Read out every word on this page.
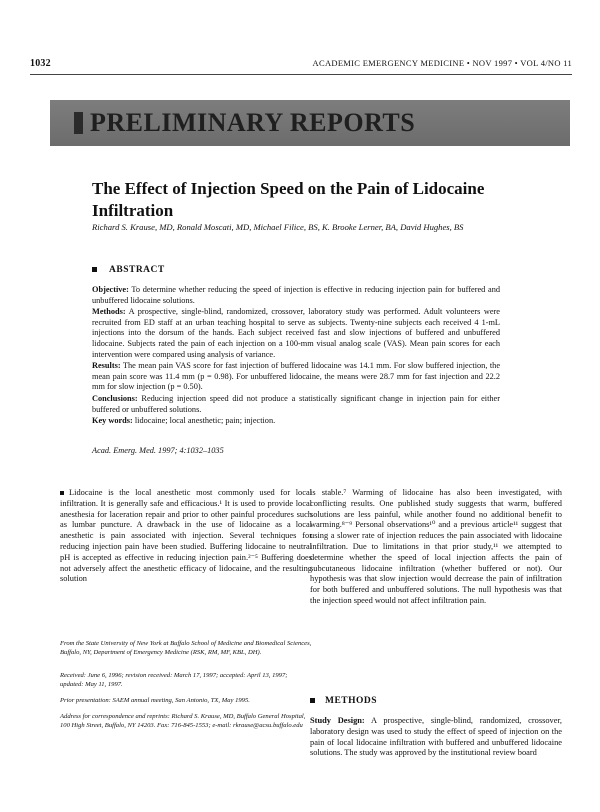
1032	ACADEMIC EMERGENCY MEDICINE • NOV 1997 • VOL 4/NO 11
PRELIMINARY REPORTS
The Effect of Injection Speed on the Pain of Lidocaine Infiltration
Richard S. Krause, MD, Ronald Moscati, MD, Michael Filice, BS, K. Brooke Lerner, BA, David Hughes, BS
ABSTRACT

Objective: To determine whether reducing the speed of injection is effective in reducing injection pain for buffered and unbuffered lidocaine solutions.

Methods: A prospective, single-blind, randomized, crossover, laboratory study was performed. Adult volunteers were recruited from ED staff at an urban teaching hospital to serve as subjects. Twenty-nine subjects each received 4 1-mL injections into the dorsum of the hands. Each subject received fast and slow injections of buffered and unbuffered lidocaine. Subjects rated the pain of each injection on a 100-mm visual analog scale (VAS). Mean pain scores for each intervention were compared using analysis of variance.

Results: The mean pain VAS score for fast injection of buffered lidocaine was 14.1 mm. For slow buffered injection, the mean pain score was 11.4 mm (p = 0.98). For unbuffered lidocaine, the means were 28.7 mm for fast injection and 22.2 mm for slow injection (p = 0.50).

Conclusions: Reducing injection speed did not produce a statistically significant change in injection pain for either buffered or unbuffered solutions.

Key words: lidocaine; local anesthetic; pain; injection.

Acad. Emerg. Med. 1997; 4:1032–1035

Lidocaine is the local anesthetic most commonly used for local infiltration. It is generally safe and efficacious.¹ It is used to provide local anesthesia for laceration repair and prior to other painful procedures such as lumbar puncture. A drawback in the use of lidocaine as a local anesthetic is pain associated with injection. Several techniques for reducing injection pain have been studied. Buffering lidocaine to neutral pH is accepted as effective in reducing injection pain.²⁻⁵ Buffering does not adversely affect the anesthetic efficacy of lidocaine, and the resulting solution

is stable.⁷ Warming of lidocaine has also been investigated, with conflicting results. One published study suggests that warm, buffered solutions are less painful, while another found no additional benefit to warming.⁸⁻⁹ Personal observations¹⁰ and a previous article¹¹ suggest that using a slower rate of injection reduces the pain associated with lidocaine infiltration. Due to limitations in that prior study,¹¹ we attempted to determine whether the speed of local injection affects the pain of subcutaneous lidocaine infiltration (whether buffered or not). Our hypothesis was that slow injection would decrease the pain of infiltration for both buffered and unbuffered solutions. The null hypothesis was that the injection speed would not affect infiltration pain.

From the State University of New York at Buffalo School of Medicine and Biomedical Sciences, Buffalo, NY, Department of Emergency Medicine (RSK, RM, MF, KBL, DH).
Received: June 6, 1996; revision received: March 17, 1997; accepted: April 13, 1997; updated: May 11, 1997.
Prior presentation: SAEM annual meeting, San Antonio, TX, May 1995.
Address for correspondence and reprints: Richard S. Krause, MD, Buffalo General Hospital, 100 High Street, Buffalo, NY 14203. Fax: 716-845-1553; e-mail: rkrause@acsu.buffalo.edu
METHODS
Study Design: A prospective, single-blind, randomized, crossover, laboratory design was used to study the effect of speed of injection on the pain of local lidocaine infiltration with buffered and unbuffered lidocaine solutions. The study was approved by the institutional review board
